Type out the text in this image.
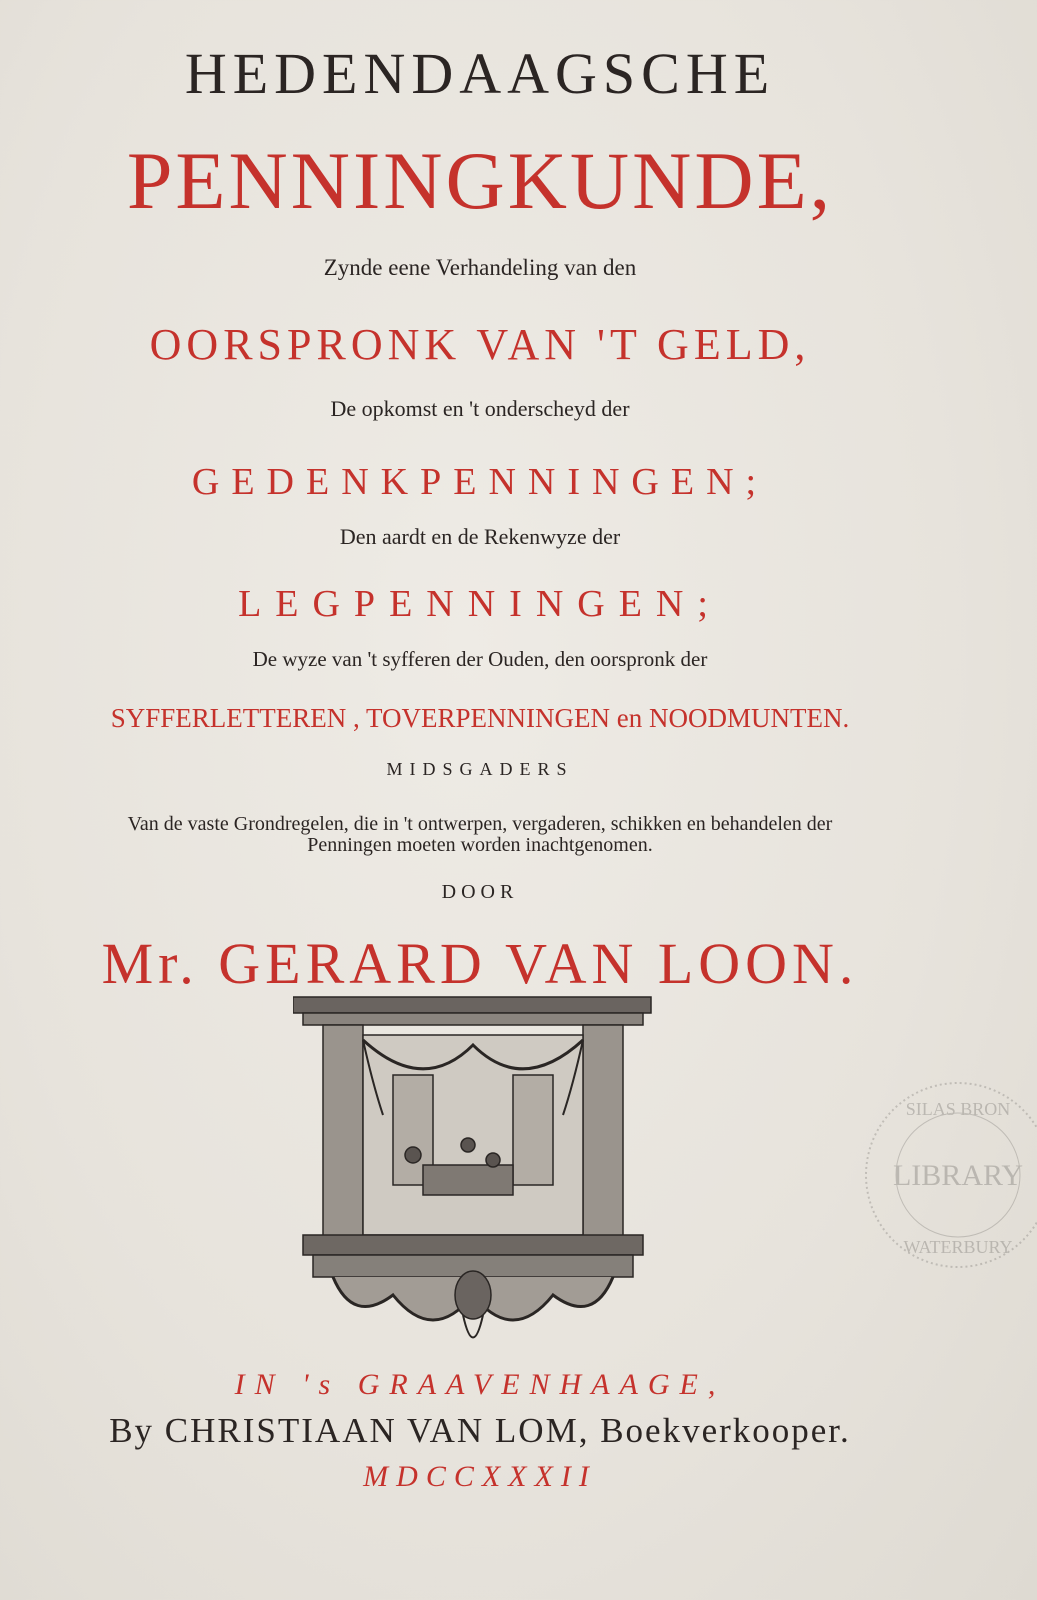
HEDENDAAGSCHE
PENNINGKUNDE,
Zynde eene Verhandeling van den
OORSPRONK VAN 'T GELD,
De opkomst en 't onderscheyd der
GEDENKPENNINGEN;
Den aardt en de Rekenwyze der
LEGPENNINGEN;
De wyze van 't syfferen der Ouden, den oorspronk der
SYFFERLETTEREN , TOVERPENNINGEN en NOODMUNTEN.
MIDSGADERS
Van de vaste Grondregelen, die in 't ontwerpen, vergaderen, schikken en behandelen der
Penningen moeten worden inachtgenomen.
DOOR
Mr. GERARD VAN LOON.
LIBRARY
SILAS BRON
WATERBURY
IN 's GRAAVENHAAGE,
By CHRISTIAAN VAN LOM, Boekverkooper.
MDCCXXXII
